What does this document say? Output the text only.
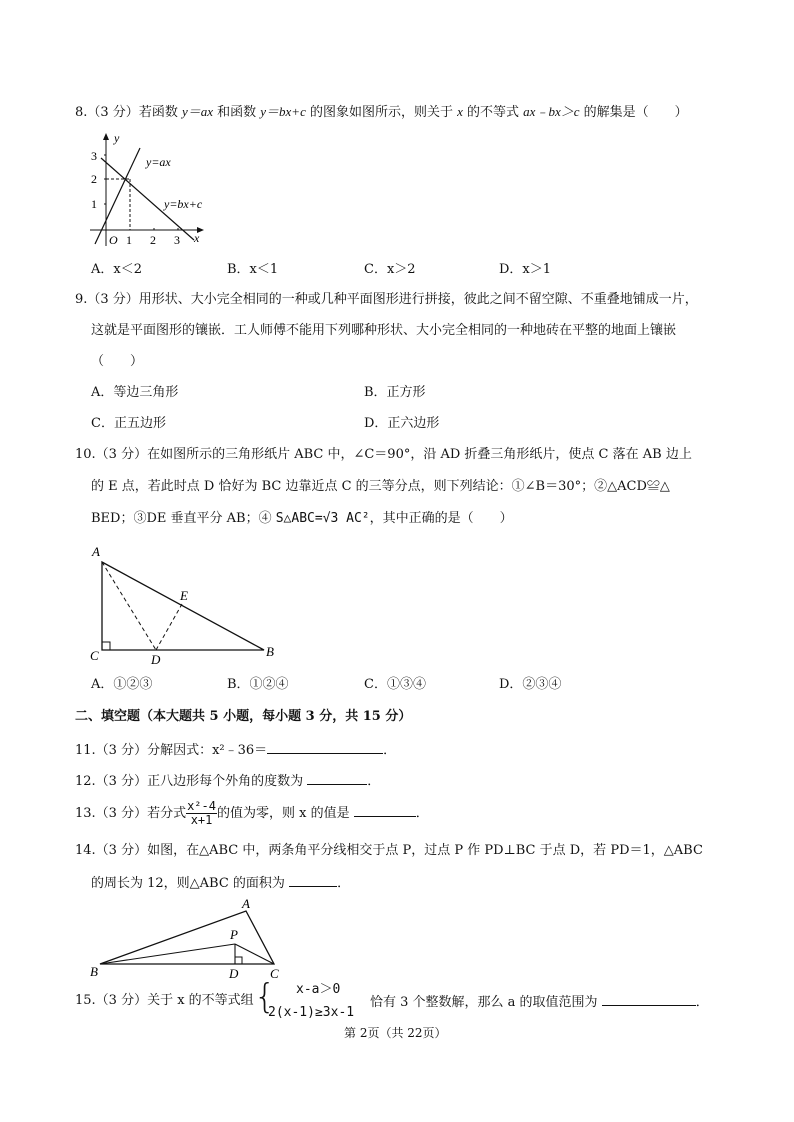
8.（3 分）若函数 y＝ax 和函数 y＝bx+c 的图象如图所示，则关于 x 的不等式 ax﹣bx＞c 的解集是（　　）
y
x
O
3
2
1
1 2 3
y=ax
y=bx+c
A．x＜2	B．x＜1	C．x＞2	D．x＞1
9.（3 分）用形状、大小完全相同的一种或几种平面图形进行拼接，彼此之间不留空隙、不重叠地铺成一片，
这就是平面图形的镶嵌．工人师傅不能用下列哪种形状、大小完全相同的一种地砖在平整的地面上镶嵌
（　　）
A．等边三角形	B．正方形
C．正五边形	D．正六边形
10.（3 分）在如图所示的三角形纸片 ABC 中，∠C＝90°，沿 AD 折叠三角形纸片，使点 C 落在 AB 边上
的 E 点，若此时点 D 恰好为 BC 边靠近点 C 的三等分点，则下列结论：①∠B＝30°；②△ACD≌△
BED；③DE 垂直平分 AB；④ S△ABC=√3 AC²，其中正确的是（　　）
A
C	D
E
B
A．①②③	B．①②④	C．①③④	D．②③④
二、填空题（本大题共 5 小题，每小题 3 分，共 15 分）
11.（3 分）分解因式：x²﹣36＝	．
12.（3 分）正八边形每个外角的度数为	．
13.（3 分）若分式 $\frac{\text{x²-4}}{x+1}$ 的值为零，则 x 的值是	．
14.（3 分）如图，在△ABC 中，两条角平分线相交于点 P，过点 P 作 PD⊥BC 于点 D，若 PD＝1，△ABC
的周长为 12，则△ABC 的面积为	．
A
P
B	D C
15.（3 分）关于 x 的不等式组 { x-a＞0
2(x-1)≥3x-1
恰有 3 个整数解，那么 a 的取值范围为	．
第 2页（共 22页）
